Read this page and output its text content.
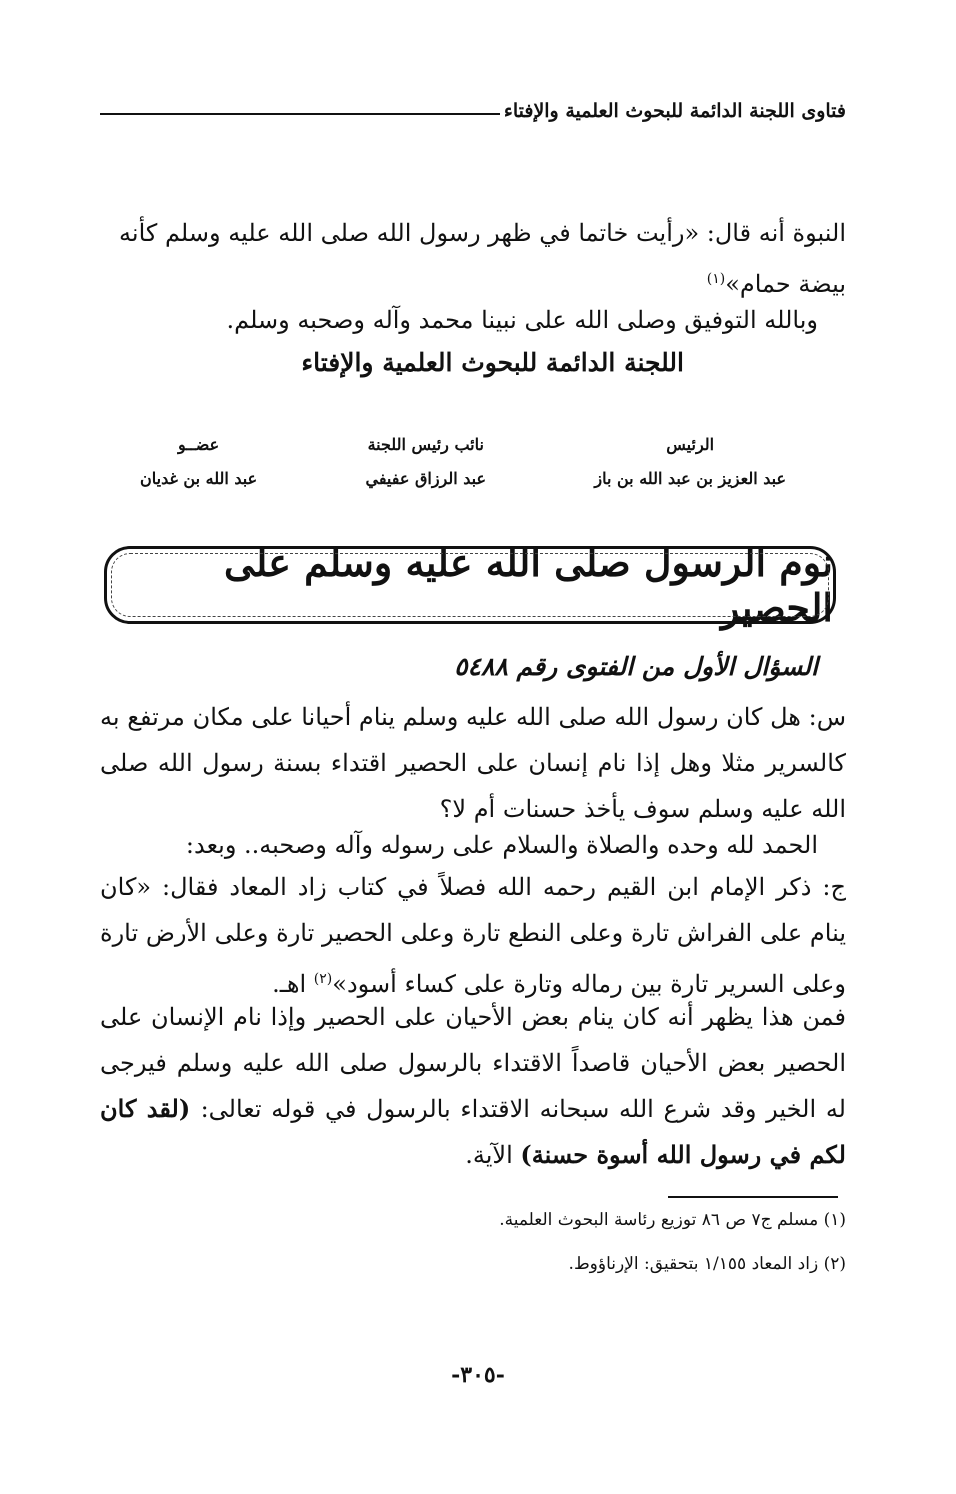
فتاوى اللجنة الدائمة للبحوث العلمية والإفتاء

النبوة أنه قال: «رأيت خاتما في ظهر رسول الله صلى الله عليه وسلم كأنه
بيضة حمام»$^{(١)}$

وبالله التوفيق وصلى الله على نبينا محمد وآله وصحبه وسلم.
اللجنة الدائمة للبحوث العلمية والإفتاء
الرئيس
عبد العزيز بن عبد الله بن باز
نائب رئيس اللجنة
عبد الرزاق عفيفي
عضــو
عبد الله بن غديان
نوم الرسول صلى الله عليه وسلم على الحصير
السؤال الأول من الفتوى رقم ٥٤٨٨

س: هل كان رسول الله صلى الله عليه وسلم ينام أحيانا على مكان مرتفع به كالسرير مثلا وهل إذا نام إنسان على الحصير اقتداء بسنة رسول الله صلى الله عليه وسلم سوف يأخذ حسنات أم لا؟

الحمد لله وحده والصلاة والسلام على رسوله وآله وصحبه.. وبعد:

ج: ذكر الإمام ابن القيم رحمه الله فصلاً في كتاب زاد المعاد فقال: «كان ينام على الفراش تارة وعلى النطع تارة وعلى الحصير تارة وعلى الأرض تارة وعلى السرير تارة بين رماله وتارة على كساء أسود»$^{(٢)}$ اهـ.

فمن هذا يظهر أنه كان ينام بعض الأحيان على الحصير وإذا نام الإنسان على الحصير بعض الأحيان قاصداً الاقتداء بالرسول صلى الله عليه وسلم فيرجى له الخير وقد شرع الله سبحانه الاقتداء بالرسول في قوله تعالى: (لقد كان لكم في رسول الله أسوة حسنة) الآية.

(١) مسلم ج٧ ص ٨٦ توزيع رئاسة البحوث العلمية.
(٢) زاد المعاد ١/١٥٥ بتحقيق: الإرناؤوط.
-٣٠٥-
